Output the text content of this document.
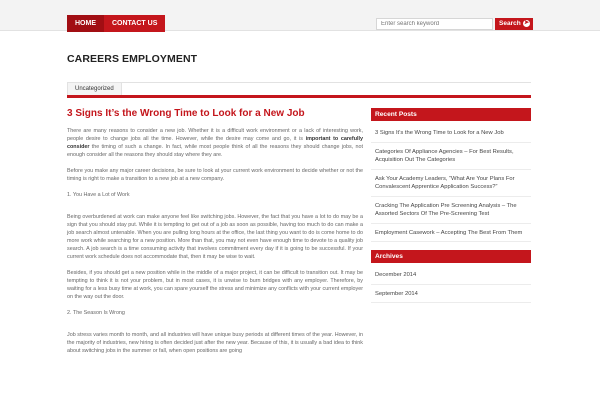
HOME	CONTACT US
Enter search keyword	Search ➤
CAREERS EMPLOYMENT
Uncategorized
3 Signs It’s the Wrong Time to Look for a New Job

There are many reasons to consider a new job. Whether it is a difficult work environment or a lack of interesting work, people desire to change jobs all the time. However, while the desire may come and go, it is important to carefully consider the timing of such a change. In fact, while most people think of all the reasons they should change jobs, not enough consider all the reasons they should stay where they are.

Before you make any major career decisions, be sure to look at your current work environment to decide whether or not the timing is right to make a transition to a new job at a new company.

1. You Have a Lot of Work

Being overburdened at work can make anyone feel like switching jobs. However, the fact that you have a lot to do may be a sign that you should stay put. While it is tempting to get out of a job as soon as possible, having too much to do can make a job search almost untenable. When you are pulling long hours at the office, the last thing you want to do is come home to do more work while searching for a new position. More than that, you may not even have enough time to devote to a quality job search. A job search is a time consuming activity that involves commitment every day if it is going to be successful. If your current work schedule does not accommodate that, then it may be wise to wait.

Besides, if you should get a new position while in the middle of a major project, it can be difficult to transition out. It may be tempting to think it is not your problem, but in most cases, it is unwise to burn bridges with any employer. Therefore, by waiting for a less busy time at work, you can spare yourself the stress and minimize any conflicts with your current employer on the way out the door.

2. The Season Is Wrong

Job stress varies month to month, and all industries will have unique busy periods at different times of the year. However, in the majority of industries, new hiring is often decided just after the new year. Because of this, it is usually a bad idea to think about switching jobs in the summer or fall, when open positions are going

Recent Posts
3 Signs It’s the Wrong Time to Look for a New Job
Categories Of Appliance Agencies – For Best Results, Acquisition Out The Categories
Ask Your Academy Leaders, “What Are Your Plans For Convalescent Apprentice Application Success?”
Cracking The Application Pre Screening Analysis – The Assorted Sectors Of The Pre-Screening Test
Employment Casework – Accepting The Best From Them
Archives
December 2014
September 2014
